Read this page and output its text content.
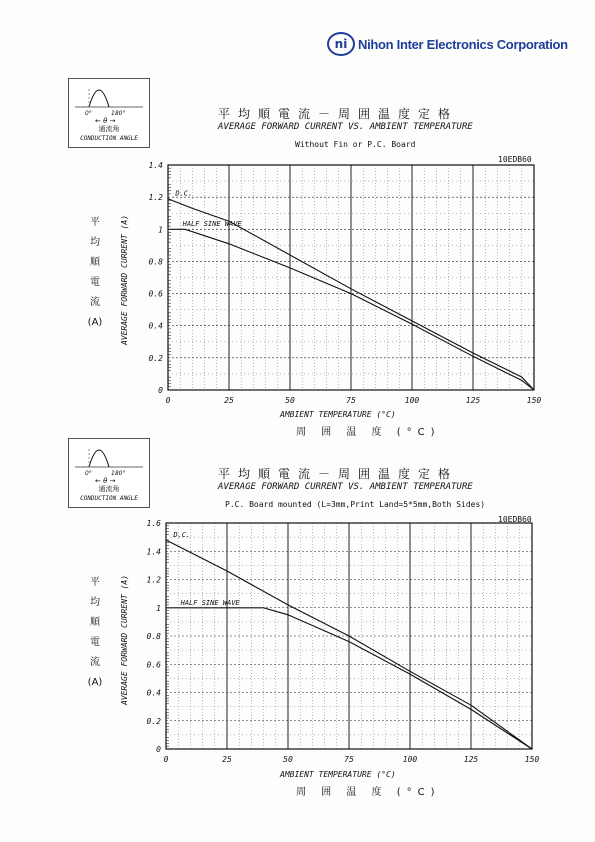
ni Nihon Inter Electronics Corporation
0°	180°
← θ →
通流角
CONDUCTION ANGLE
平均順電流－周囲温度定格
AVERAGE FORWARD CURRENT VS. AMBIENT TEMPERATURE
Without Fin or P.C. Board
10EDB60
平
均
順
電
流
(A)	AVERAGE FORWARD CURRENT (A)
AMBIENT TEMPERATURE (°C)
周 囲 温 度 (°C)
0	25	50	75	100	125	150
0
0.2
0.4
0.6
0.8
1
1.2
1.4
D.C.
HALF SINE WAVE
0°	180°
← θ →
通流角
CONDUCTION ANGLE
平均順電流－周囲温度定格
AVERAGE FORWARD CURRENT VS. AMBIENT TEMPERATURE
P.C. Board mounted (L=3mm,Print Land=5*5mm,Both Sides)
10EDB60
平
均
順
電
流
(A)	AVERAGE FORWARD CURRENT (A)
AMBIENT TEMPERATURE (°C)
周 囲 温 度 (°C)
0	25	50	75	100	125	150
0
0.2
0.4
0.6
0.8
1
1.2
1.4
1.6
D.C.
HALF SINE WAVE
